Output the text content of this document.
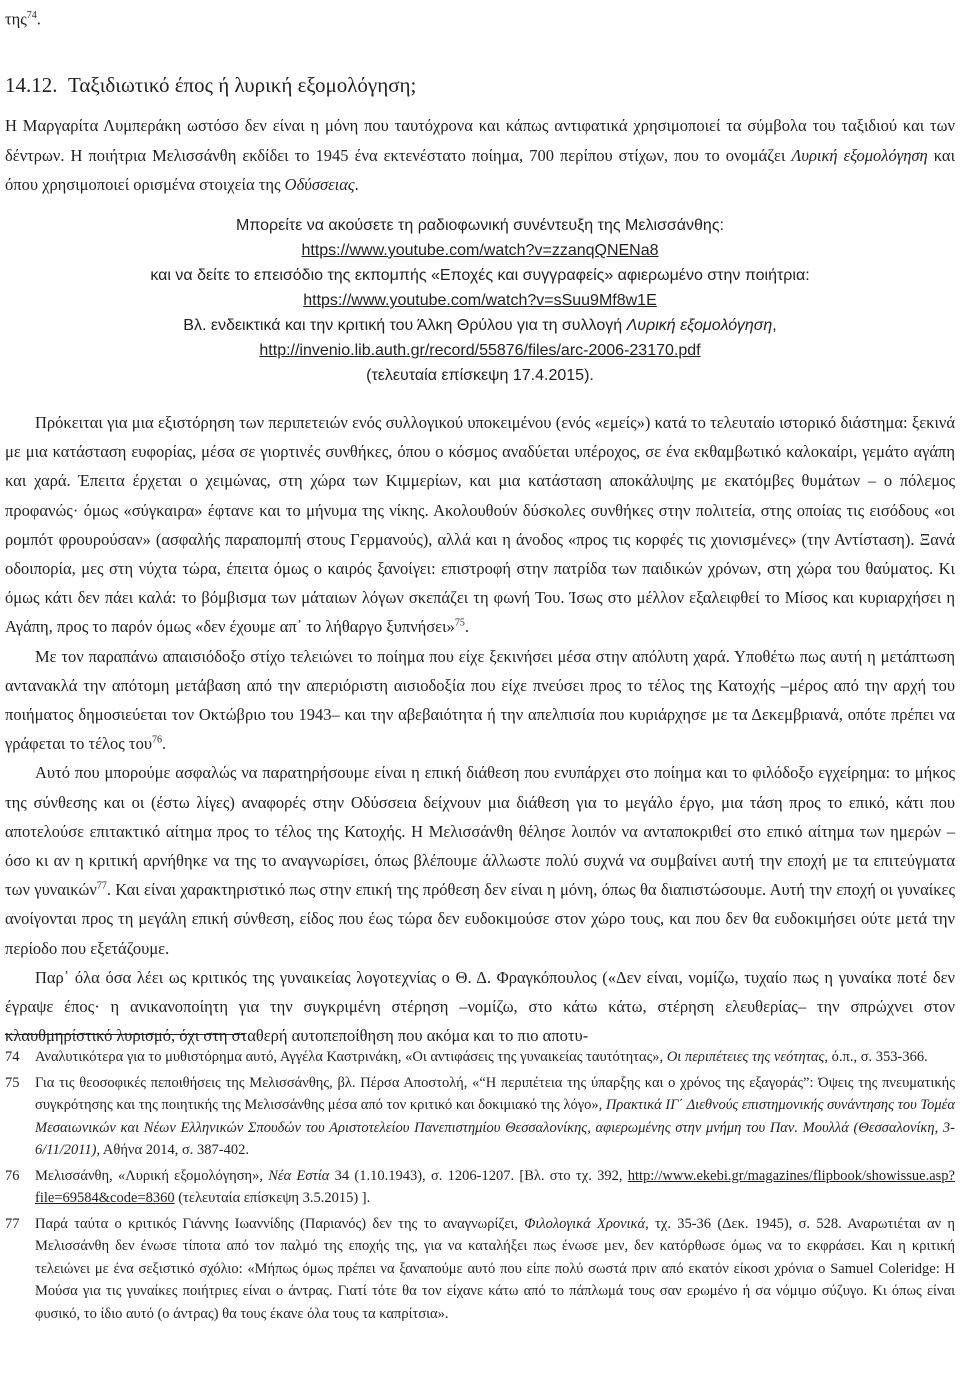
της$^{74}$.

14.12. Ταξιδιωτικό έπος ή λυρική εξομολόγηση;

Η Μαργαρίτα Λυμπεράκη ωστόσο δεν είναι η μόνη που ταυτόχρονα και κάπως αντιφατικά χρησιμοποιεί τα σύμβολα του ταξιδιού και των δέντρων. Η ποιήτρια Μελισσάνθη εκδίδει το 1945 ένα εκτενέστατο ποίημα, 700 περίπου στίχων, που το ονομάζει Λυρική εξομολόγηση και όπου χρησιμοποιεί ορισμένα στοιχεία της Οδύσσειας.

Μπορείτε να ακούσετε τη ραδιοφωνική συνέντευξη της Μελισσάνθης:

https://www.youtube.com/watch?v=zzanqQNENa8

και να δείτε το επεισόδιο της εκπομπής «Εποχές και συγγραφείς» αφιερωμένο στην ποιήτρια:

https://www.youtube.com/watch?v=sSuu9Mf8w1E

Βλ. ενδεικτικά και την κριτική του Άλκη Θρύλου για τη συλλογή Λυρική εξομολόγηση,

http://invenio.lib.auth.gr/record/55876/files/arc-2006-23170.pdf

(τελευταία επίσκεψη 17.4.2015).

Πρόκειται για μια εξιστόρηση των περιπετειών ενός συλλογικού υποκειμένου (ενός «εμείς») κατά το τελευταίο ιστορικό διάστημα: ξεκινά με μια κατάσταση ευφορίας, μέσα σε γιορτινές συνθήκες, όπου ο κόσμος αναδύεται υπέροχος, σε ένα εκθαμβωτικό καλοκαίρι, γεμάτο αγάπη και χαρά. Έπειτα έρχεται ο χειμώνας, στη χώρα των Κιμμερίων, και μια κατάσταση αποκάλυψης με εκατόμβες θυμάτων – ο πόλεμος προφανώς· όμως «σύγκαιρα» έφτανε και το μήνυμα της νίκης. Ακολουθούν δύσκολες συνθήκες στην πολιτεία, στης οποίας τις εισόδους «οι ρομπότ φρουρούσαν» (ασφαλής παραπομπή στους Γερμανούς), αλλά και η άνοδος «προς τις κορφές τις χιονισμένες» (την Αντίσταση). Ξανά οδοιπορία, μες στη νύχτα τώρα, έπειτα όμως ο καιρός ξανοίγει: επιστροφή στην πατρίδα των παιδικών χρόνων, στη χώρα του θαύματος. Κι όμως κάτι δεν πάει καλά: το βόμβισμα των μάταιων λόγων σκεπάζει τη φωνή Του. Ίσως στο μέλλον εξαλειφθεί το Μίσος και κυριαρχήσει η Αγάπη, προς το παρόν όμως «δεν έχουμε απ᾽ το λήθαργο ξυπνήσει»$^{75}$.

Με τον παραπάνω απαισιόδοξο στίχο τελειώνει το ποίημα που είχε ξεκινήσει μέσα στην απόλυτη χαρά. Υποθέτω πως αυτή η μετάπτωση αντανακλά την απότομη μετάβαση από την απεριόριστη αισιοδοξία που είχε πνεύσει προς το τέλος της Κατοχής –μέρος από την αρχή του ποιήματος δημοσιεύεται τον Οκτώβριο του 1943– και την αβεβαιότητα ή την απελπισία που κυριάρχησε με τα Δεκεμβριανά, οπότε πρέπει να γράφεται το τέλος του$^{76}$.

Αυτό που μπορούμε ασφαλώς να παρατηρήσουμε είναι η επική διάθεση που ενυπάρχει στο ποίημα και το φιλόδοξο εγχείρημα: το μήκος της σύνθεσης και οι (έστω λίγες) αναφορές στην Οδύσσεια δείχνουν μια διάθεση για το μεγάλο έργο, μια τάση προς το επικό, κάτι που αποτελούσε επιτακτικό αίτημα προς το τέλος της Κατοχής. Η Μελισσάνθη θέλησε λοιπόν να ανταποκριθεί στο επικό αίτημα των ημερών – όσο κι αν η κριτική αρνήθηκε να της το αναγνωρίσει, όπως βλέπουμε άλλωστε πολύ συχνά να συμβαίνει αυτή την εποχή με τα επιτεύγματα των γυναικών$^{77}$. Και είναι χαρακτηριστικό πως στην επική της πρόθεση δεν είναι η μόνη, όπως θα διαπιστώσουμε. Αυτή την εποχή οι γυναίκες ανοίγονται προς τη μεγάλη επική σύνθεση, είδος που έως τώρα δεν ευδοκιμούσε στον χώρο τους, και που δεν θα ευδοκιμήσει ούτε μετά την περίοδο που εξετάζουμε.

Παρ᾽ όλα όσα λέει ως κριτικός της γυναικείας λογοτεχνίας ο Θ. Δ. Φραγκόπουλος («Δεν είναι, νομίζω, τυχαίο πως η γυναίκα ποτέ δεν έγραψε έπος· η ανικανοποίητη για την συγκριμένη στέρηση –νομίζω, στο κάτω κάτω, στέρηση ελευθερίας– την σπρώχνει στον κλαυθμηρίστικό λυρισμό, όχι στη σταθερή αυτοπεποίθηση που ακόμα και το πιο αποτυ-

74 Αναλυτικότερα για το μυθιστόρημα αυτό, Αγγέλα Καστρινάκη, «Οι αντιφάσεις της γυναικείας ταυτότητας», Οι περιπέτειες της νεότητας, ό.π., σ. 353-366.

75 Για τις θεοσοφικές πεποιθήσεις της Μελισσάνθης, βλ. Πέρσα Αποστολή, «“Η περιπέτεια της ύπαρξης και ο χρόνος της εξαγοράς”: Όψεις της πνευματικής συγκρότησης και της ποιητικής της Μελισσάνθης μέσα από τον κριτικό και δοκιμιακό της λόγο», Πρακτικά ΙΓ΄ Διεθνούς επιστημονικής συνάντησης του Τομέα Μεσαιωνικών και Νέων Ελληνικών Σπουδών του Αριστοτελείου Πανεπιστημίου Θεσσαλονίκης, αφιερωμένης στην μνήμη του Παν. Μουλλά (Θεσσαλονίκη, 3-6/11/2011), Αθήνα 2014, σ. 387-402.

76 Μελισσάνθη, «Λυρική εξομολόγηση», Νέα Εστία 34 (1.10.1943), σ. 1206-1207. [Βλ. στο τχ. 392, http://www.ekebi.gr/magazines/flipbook/showissue.asp?file=69584&code=8360 (τελευταία επίσκεψη 3.5.2015) ].

77 Παρά ταύτα ο κριτικός Γιάννης Ιωαννίδης (Παριανός) δεν της το αναγνωρίζει, Φιλολογικά Χρονικά, τχ. 35-36 (Δεκ. 1945), σ. 528. Αναρωτιέται αν η Μελισσάνθη δεν ένωσε τίποτα από τον παλμό της εποχής της, για να καταλήξει πως ένωσε μεν, δεν κατόρθωσε όμως να το εκφράσει. Και η κριτική τελειώνει με ένα σεξιστικό σχόλιο: «Μήπως όμως πρέπει να ξαναπούμε αυτό που είπε πολύ σωστά πριν από εκατόν είκοσι χρόνια ο Samuel Coleridge: Η Μούσα για τις γυναίκες ποιήτριες είναι ο άντρας. Γιατί τότε θα τον είχανε κάτω από το πάπλωμά τους σαν ερωμένο ή σα νόμιμο σύζυγο. Κι όπως είναι φυσικό, το ίδιο αυτό (ο άντρας) θα τους έκανε όλα τους τα καπρίτσια».
